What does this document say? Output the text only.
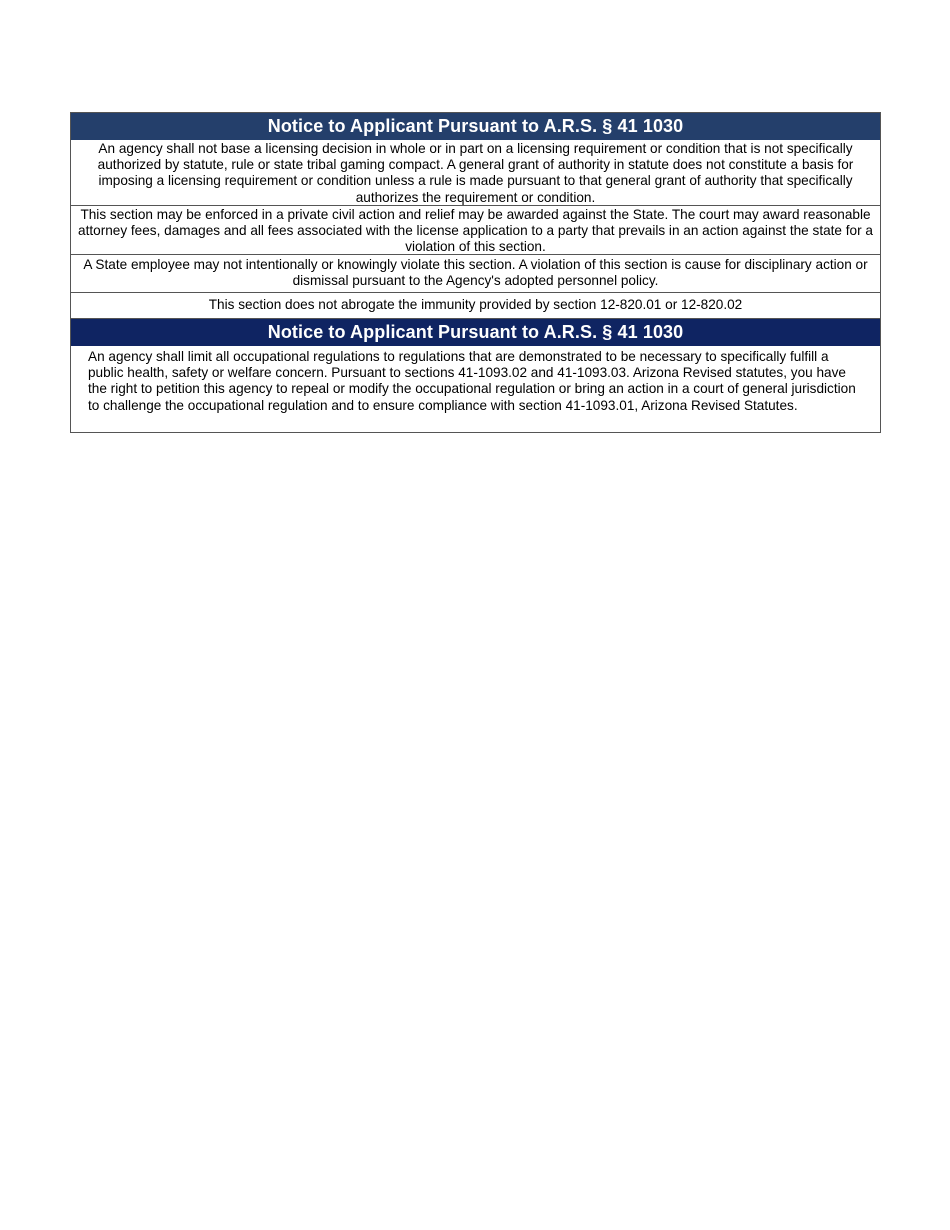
Notice to Applicant Pursuant to A.R.S. § 41 1030
An agency shall not base a licensing decision in whole or in part on a licensing requirement or condition that is not specifically authorized by statute, rule or state tribal gaming compact. A general grant of authority in statute does not constitute a basis for imposing a licensing requirement or condition unless a rule is made pursuant to that general grant of authority that specifically authorizes the requirement or condition.
This section may be enforced in a private civil action and relief may be awarded against the State. The court may award reasonable attorney fees, damages and all fees associated with the license application to a party that prevails in an action against the state for a violation of this section.
A State employee may not intentionally or knowingly violate this section. A violation of this section is cause for disciplinary action or dismissal pursuant to the Agency's adopted personnel policy.
This section does not abrogate the immunity provided by section 12-820.01 or 12-820.02
Notice to Applicant Pursuant to A.R.S. § 41 1030
An agency shall limit all occupational regulations to regulations that are demonstrated to be necessary to specifically fulfill a public health, safety or welfare concern. Pursuant to sections 41-1093.02 and 41-1093.03. Arizona Revised statutes, you have the right to petition this agency to repeal or modify the occupational regulation or bring an action in a court of general jurisdiction to challenge the occupational regulation and to ensure compliance with section 41-1093.01, Arizona Revised Statutes.
